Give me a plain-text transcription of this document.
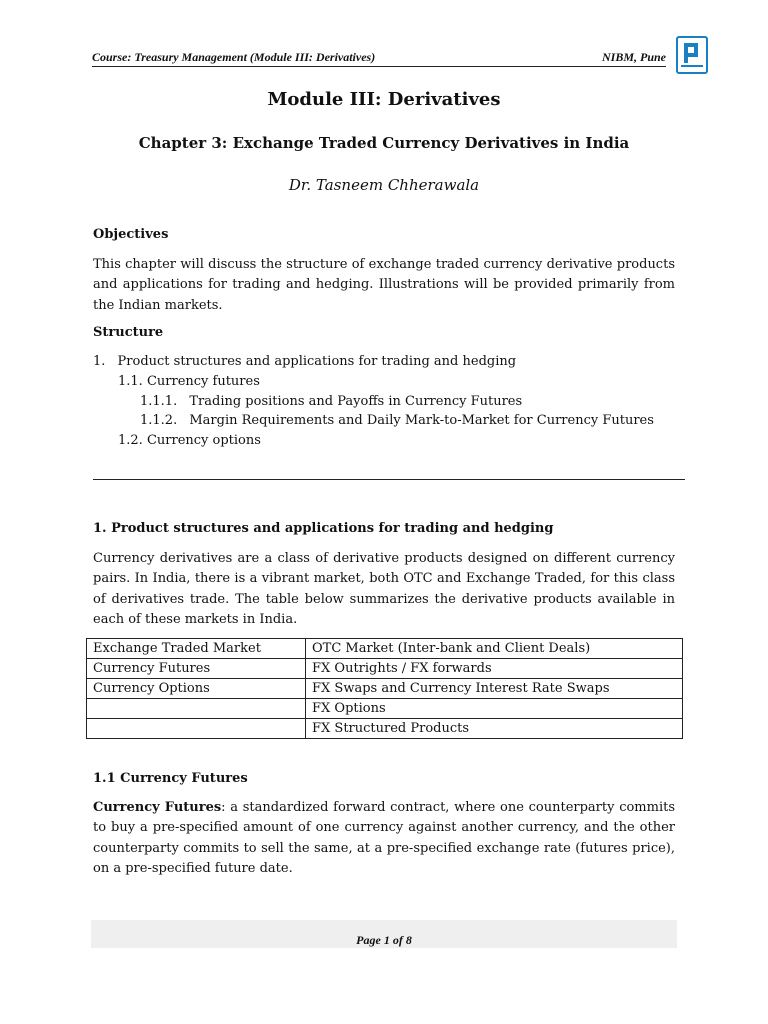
Course: Treasury Management (Module III: Derivatives)	NIBM, Pune
Module III: Derivatives
Chapter 3: Exchange Traded Currency Derivatives in India
Dr. Tasneem Chherawala
Objectives
This chapter will discuss the structure of exchange traded currency derivative products and applications for trading and hedging. Illustrations will be provided primarily from the Indian markets.
Structure
1. Product structures and applications for trading and hedging
1.1. Currency futures
1.1.1. Trading positions and Payoffs in Currency Futures
1.1.2. Margin Requirements and Daily Mark-to-Market for Currency Futures
1.2. Currency options
1. Product structures and applications for trading and hedging
Currency derivatives are a class of derivative products designed on different currency pairs. In India, there is a vibrant market, both OTC and Exchange Traded, for this class of derivatives trade. The table below summarizes the derivative products available in each of these markets in India.
Exchange Traded Market	OTC Market (Inter-bank and Client Deals)
Currency Futures	FX Outrights / FX forwards
Currency Options	FX Swaps and Currency Interest Rate Swaps
	FX Options
	FX Structured Products
1.1 Currency Futures
Currency Futures: a standardized forward contract, where one counterparty commits to buy a pre-specified amount of one currency against another currency, and the other counterparty commits to sell the same, at a pre-specified exchange rate (futures price), on a pre-specified future date.
Page 1 of 8
